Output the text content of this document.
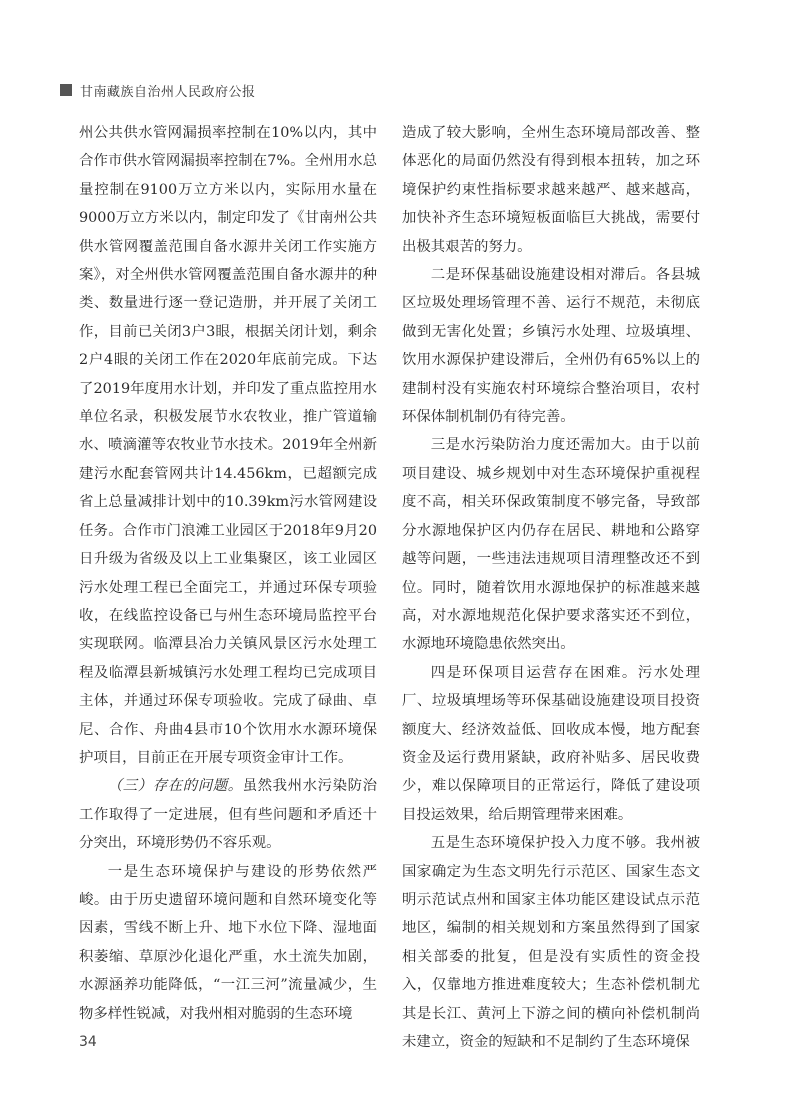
甘南藏族自治州人民政府公报

州公共供水管网漏损率控制在10%以内，其中合作市供水管网漏损率控制在7%。全州用水总量控制在9100万立方米以内，实际用水量在9000万立方米以内，制定印发了《甘南州公共供水管网覆盖范围自备水源井关闭工作实施方案》，对全州供水管网覆盖范围自备水源井的种类、数量进行逐一登记造册，并开展了关闭工作，目前已关闭3户3眼，根据关闭计划，剩余2户4眼的关闭工作在2020年底前完成。下达了2019年度用水计划，并印发了重点监控用水单位名录，积极发展节水农牧业，推广管道输水、喷滴灌等农牧业节水技术。2019年全州新建污水配套管网共计14.456km，已超额完成省上总量减排计划中的10.39km污水管网建设任务。合作市门浪滩工业园区于2018年9月20日升级为省级及以上工业集聚区，该工业园区污水处理工程已全面完工，并通过环保专项验收，在线监控设备已与州生态环境局监控平台实现联网。临潭县冶力关镇风景区污水处理工程及临潭县新城镇污水处理工程均已完成项目主体，并通过环保专项验收。完成了碌曲、卓尼、合作、舟曲4县市10个饮用水水源环境保护项目，目前正在开展专项资金审计工作。

（三）存在的问题。虽然我州水污染防治工作取得了一定进展，但有些问题和矛盾还十分突出，环境形势仍不容乐观。

一是生态环境保护与建设的形势依然严峻。由于历史遗留环境问题和自然环境变化等因素，雪线不断上升、地下水位下降、湿地面积萎缩、草原沙化退化严重，水土流失加剧，水源涵养功能降低，“一江三河”流量减少，生物多样性锐减，对我州相对脆弱的生态环境

造成了较大影响，全州生态环境局部改善、整体恶化的局面仍然没有得到根本扭转，加之环境保护约束性指标要求越来越严、越来越高，加快补齐生态环境短板面临巨大挑战，需要付出极其艰苦的努力。

二是环保基础设施建设相对滞后。各县城区垃圾处理场管理不善、运行不规范，未彻底做到无害化处置；乡镇污水处理、垃圾填埋、饮用水源保护建设滞后，全州仍有65%以上的建制村没有实施农村环境综合整治项目，农村环保体制机制仍有待完善。

三是水污染防治力度还需加大。由于以前项目建设、城乡规划中对生态环境保护重视程度不高，相关环保政策制度不够完备，导致部分水源地保护区内仍存在居民、耕地和公路穿越等问题，一些违法违规项目清理整改还不到位。同时，随着饮用水源地保护的标准越来越高，对水源地规范化保护要求落实还不到位，水源地环境隐患依然突出。

四是环保项目运营存在困难。污水处理厂、垃圾填埋场等环保基础设施建设项目投资额度大、经济效益低、回收成本慢，地方配套资金及运行费用紧缺，政府补贴多、居民收费少，难以保障项目的正常运行，降低了建设项目投运效果，给后期管理带来困难。

五是生态环境保护投入力度不够。我州被国家确定为生态文明先行示范区、国家生态文明示范试点州和国家主体功能区建设试点示范地区，编制的相关规划和方案虽然得到了国家相关部委的批复，但是没有实质性的资金投入，仅靠地方推进难度较大；生态补偿机制尤其是长江、黄河上下游之间的横向补偿机制尚未建立，资金的短缺和不足制约了生态环境保

34
